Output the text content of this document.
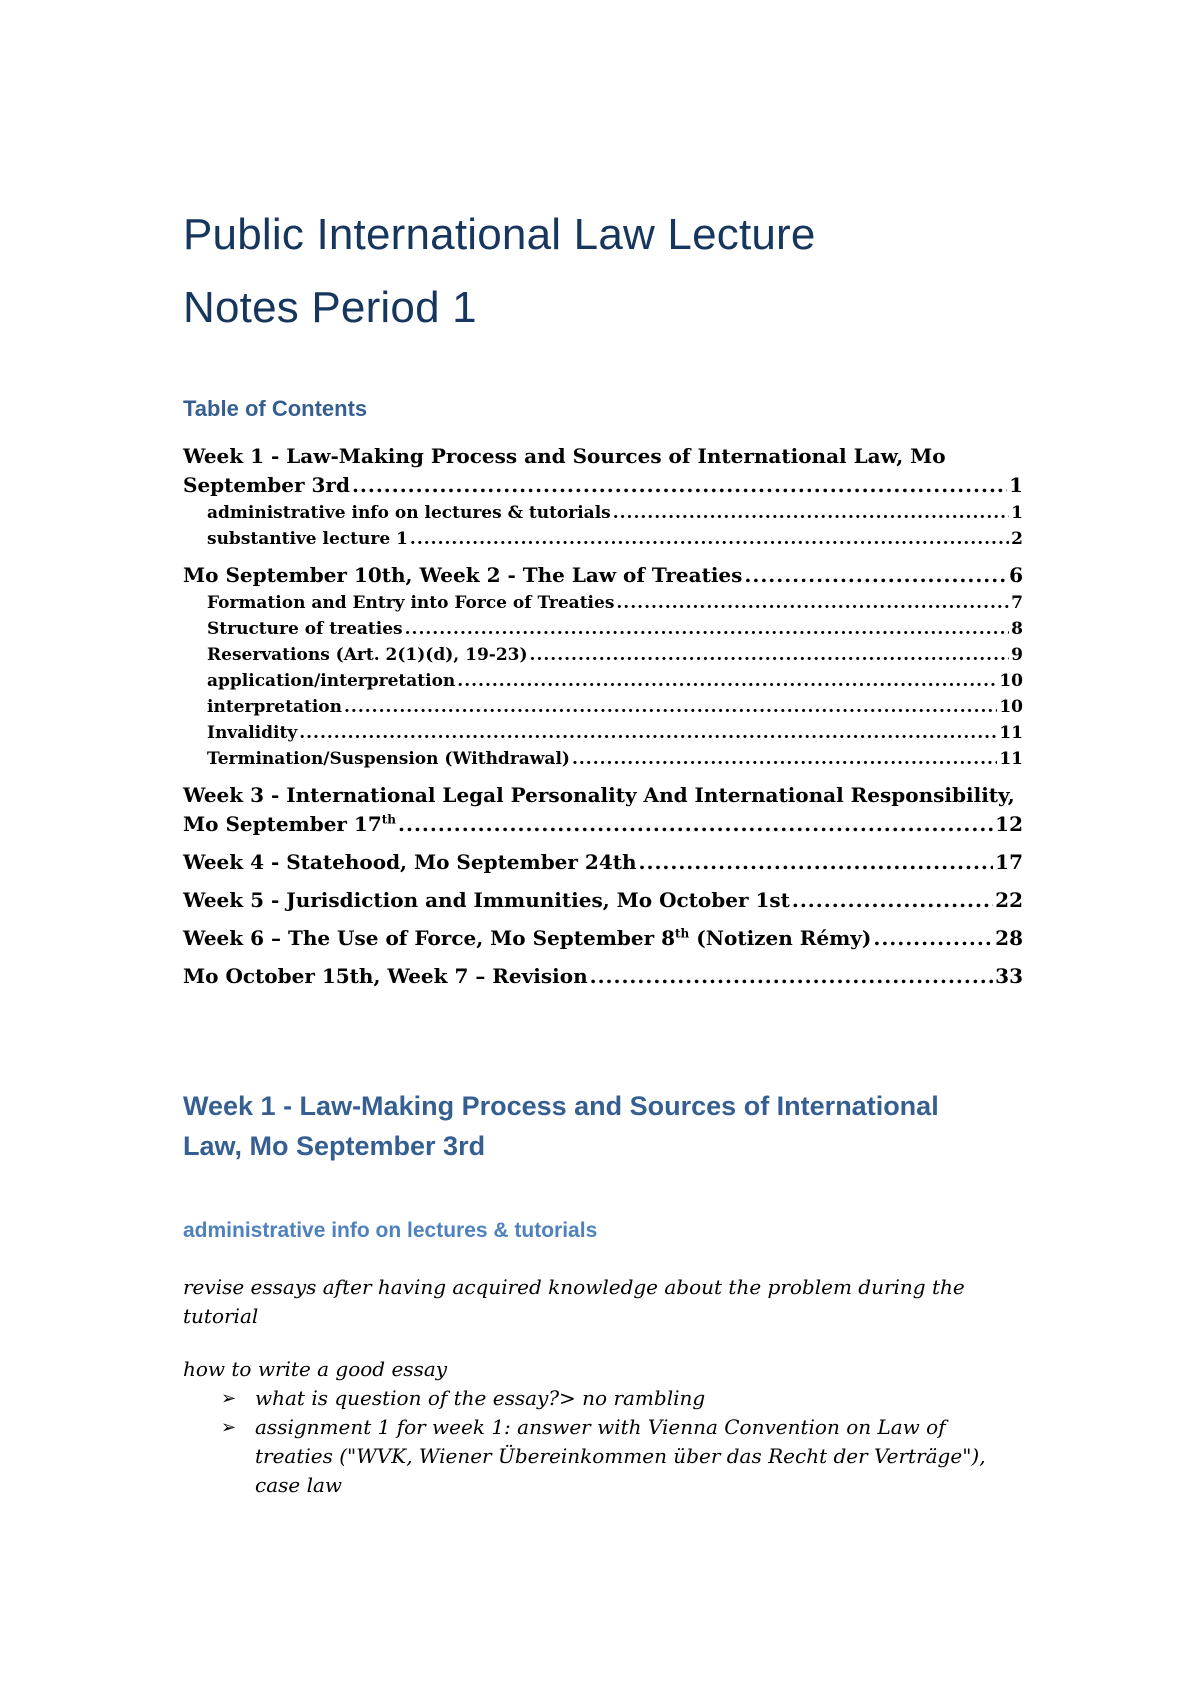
Public International Law Lecture
Notes Period 1
Table of Contents
Week 1 - Law-Making Process and Sources of International Law, Mo
September 3rd .....	1
administrative info on lectures & tutorials .....	1
substantive lecture 1 .....	2
Mo September 10th, Week 2 - The Law of Treaties .....	6
Formation and Entry into Force of Treaties .....	7
Structure of treaties .....	8
Reservations (Art. 2(1)(d), 19-23) .....	9
application/interpretation .....	10
interpretation .....	10
Invalidity .....	11
Termination/Suspension (Withdrawal) .....	11
Week 3 - International Legal Personality And International Responsibility,
Mo September 17th .....	12
Week 4 - Statehood, Mo September 24th .....	17
Week 5 - Jurisdiction and Immunities, Mo October 1st .....	22
Week 6 – The Use of Force, Mo September 8th (Notizen Rémy) .....	28
Mo October 15th, Week 7 – Revision .....	33
Week 1 - Law-Making Process and Sources of International Law, Mo September 3rd
administrative info on lectures & tutorials

revise essays after having acquired knowledge about the problem during the tutorial

how to write a good essay

➢ what is question of the essay?> no rambling
➢ assignment 1 for week 1: answer with Vienna Convention on Law of treaties ("WVK, Wiener Übereinkommen über das Recht der Verträge"), case law
